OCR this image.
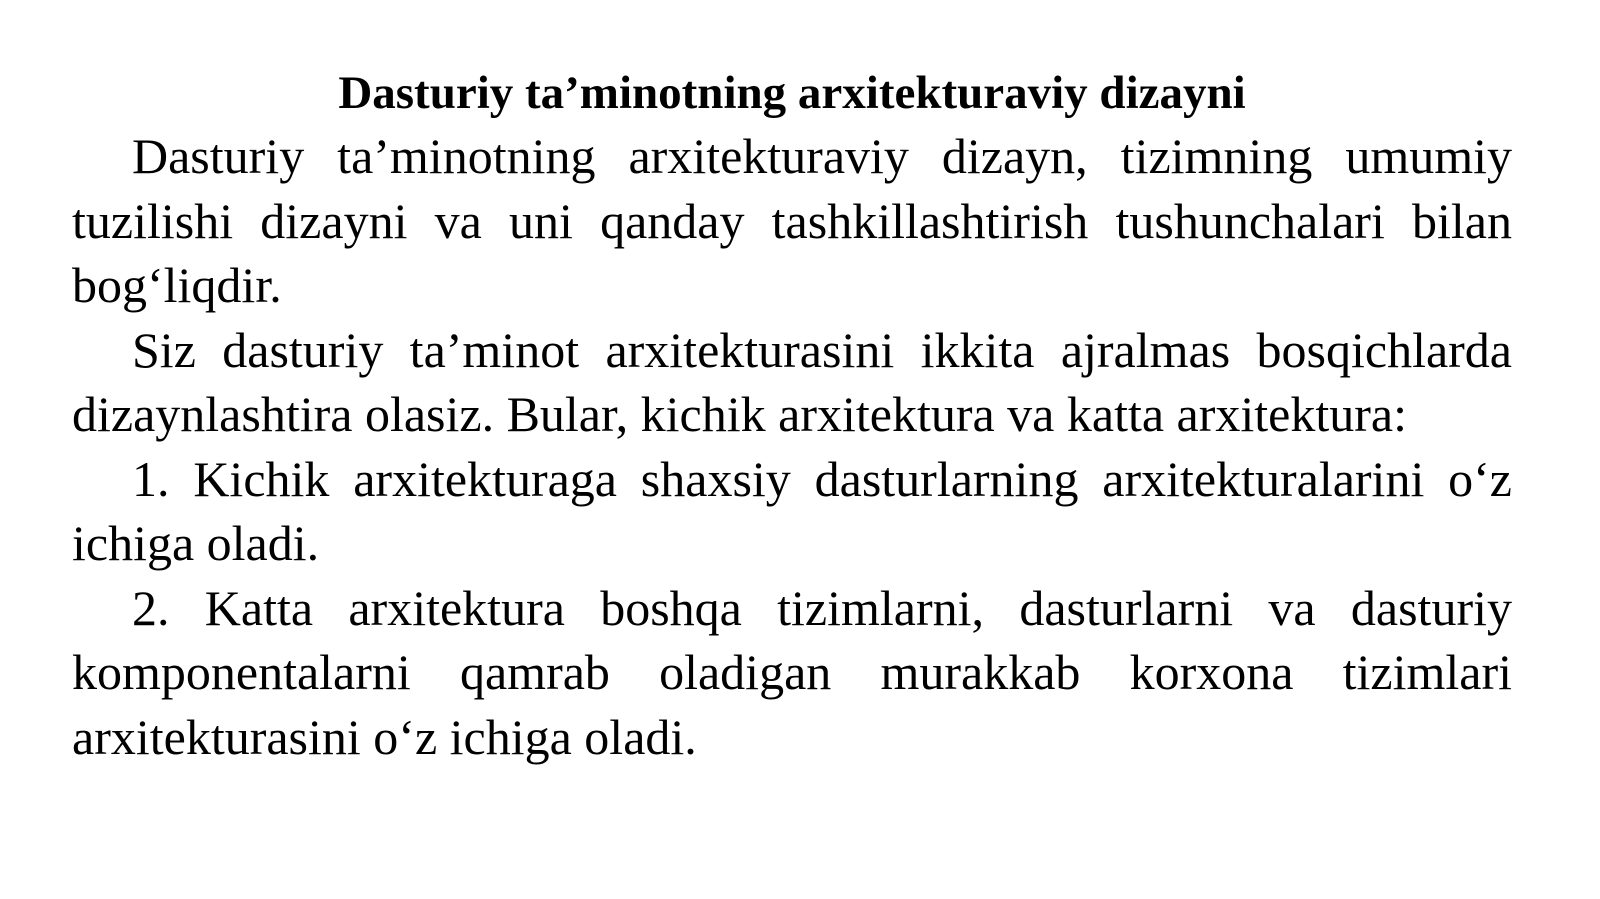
Dasturiy ta’minotning arxitekturaviy dizayni

Dasturiy ta’minotning arxitekturaviy dizayn, tizimning umumiy tuzilishi dizayni va uni qanday tashkillashtirish tushunchalari bilan bog‘liqdir.

Siz dasturiy ta’minot arxitekturasini ikkita ajralmas bosqichlarda dizaynlashtira olasiz. Bular, kichik arxitektura va katta arxitektura:

1. Kichik arxitekturaga shaxsiy dasturlarning arxitekturalarini o‘z ichiga oladi.

2. Katta arxitektura boshqa tizimlarni, dasturlarni va dasturiy komponentalarni qamrab oladigan murakkab korxona tizimlari arxitekturasini o‘z ichiga oladi.
